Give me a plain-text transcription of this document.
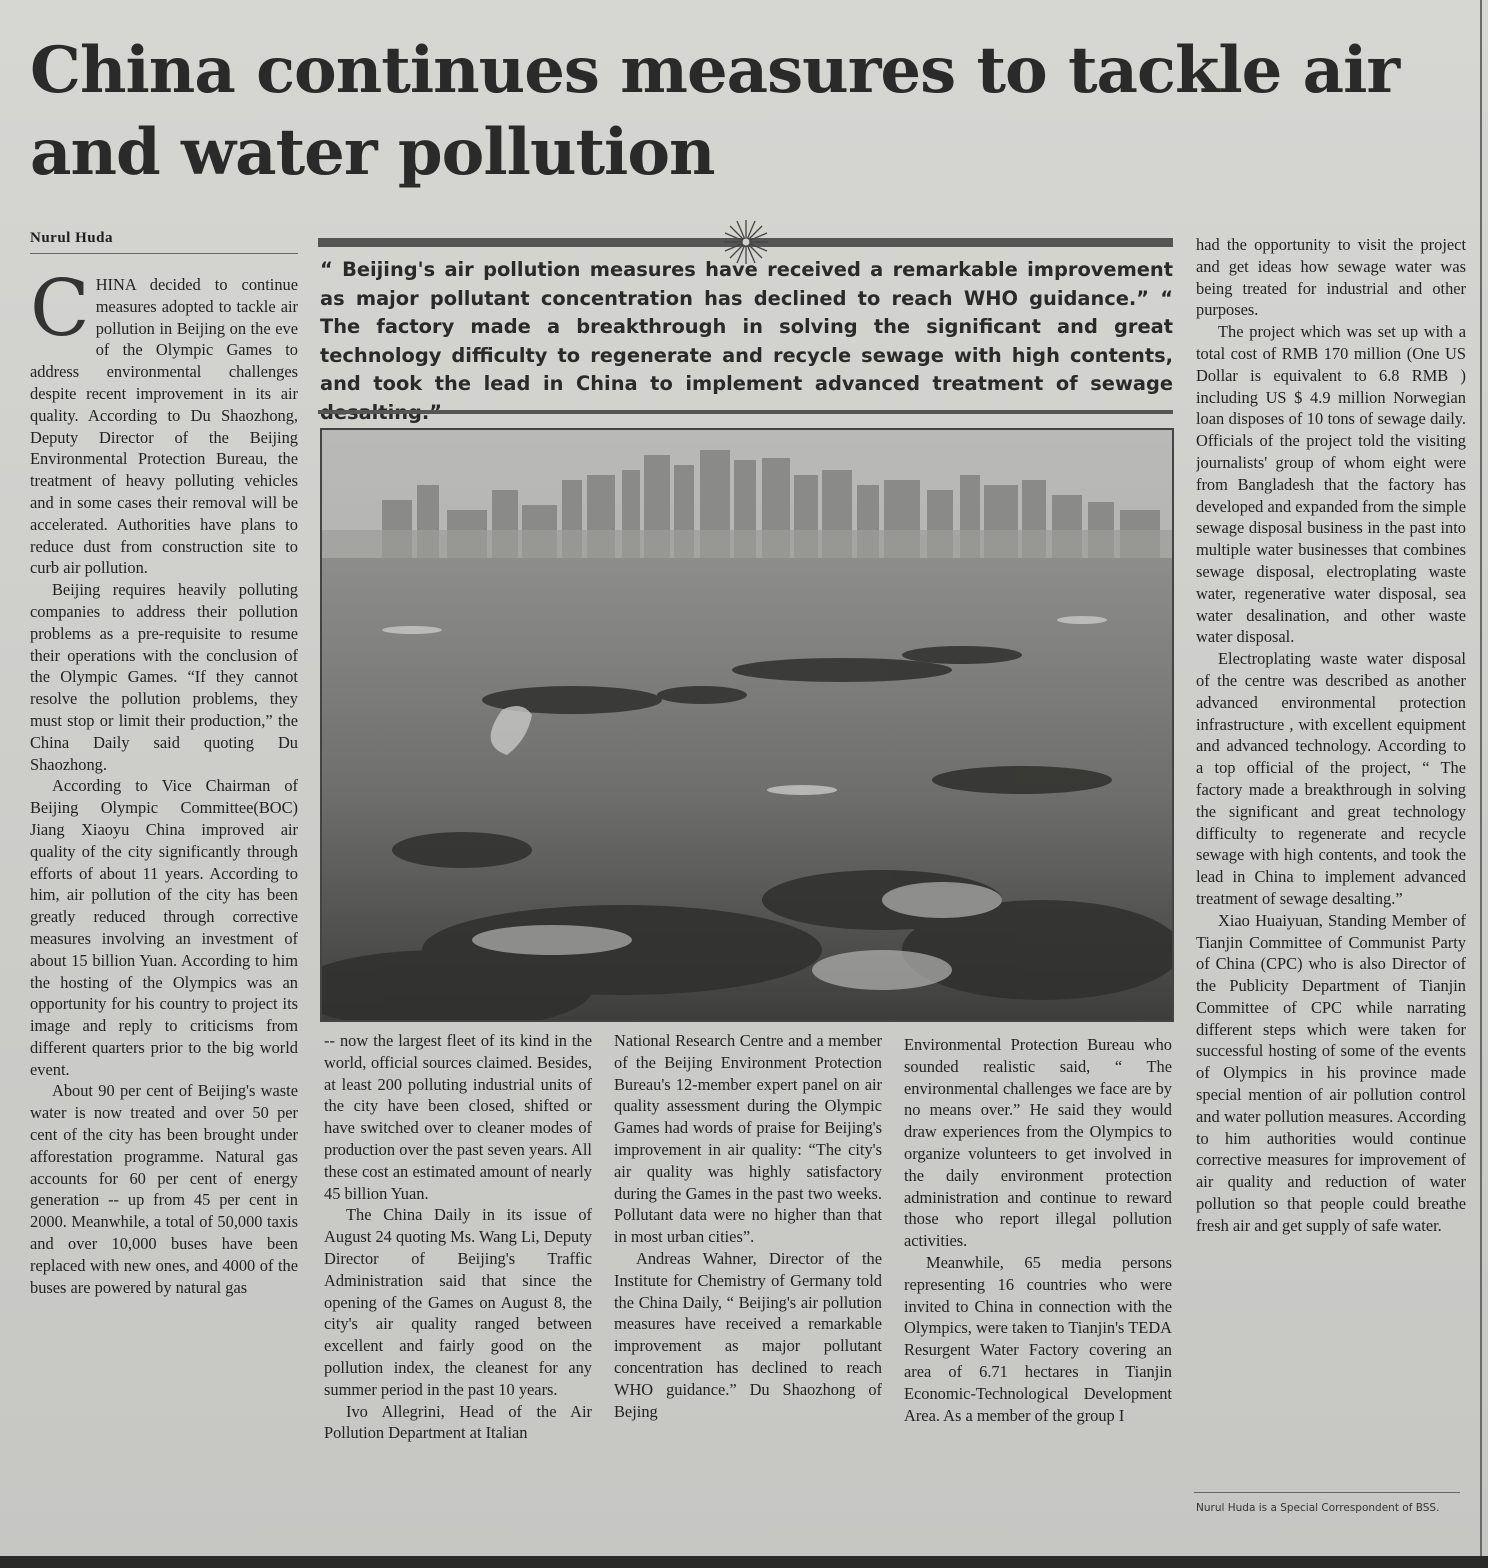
China continues measures to tackle air and water pollution
Nurul Huda

CHINA decided to continue measures adopted to tackle air pollution in Beijing on the eve of the Olympic Games to address environmental challenges despite recent improvement in its air quality. According to Du Shaozhong, Deputy Director of the Beijing Environmental Protection Bureau, the treatment of heavy polluting vehicles and in some cases their removal will be accelerated. Authorities have plans to reduce dust from construction site to curb air pollution.

Beijing requires heavily polluting companies to address their pollution problems as a pre-requisite to resume their operations with the conclusion of the Olympic Games. “If they cannot resolve the pollution problems, they must stop or limit their production,” the China Daily said quoting Du Shaozhong.

According to Vice Chairman of Beijing Olympic Committee(BOC) Jiang Xiaoyu China improved air quality of the city significantly through efforts of about 11 years. According to him, air pollution of the city has been greatly reduced through corrective measures involving an investment of about 15 billion Yuan. According to him the hosting of the Olympics was an opportunity for his country to project its image and reply to criticisms from different quarters prior to the big world event.

About 90 per cent of Beijing's waste water is now treated and over 50 per cent of the city has been brought under afforestation programme. Natural gas accounts for 60 per cent of energy generation -- up from 45 per cent in 2000. Meanwhile, a total of 50,000 taxis and over 10,000 buses have been replaced with new ones, and 4000 of the buses are powered by natural gas

“ Beijing's air pollution measures have received a remarkable improvement as major pollutant concentration has declined to reach WHO guidance.” “ The factory made a breakthrough in solving the significant and great technology difficulty to regenerate and recycle sewage with high contents, and took the lead in China to implement advanced treatment of sewage

-- now the largest fleet of its kind in the world, official sources claimed. Besides, at least 200 polluting industrial units of the city have been closed, shifted or have switched over to cleaner modes of production over the past seven years. All these cost an estimated amount of nearly 45 billion Yuan.

The China Daily in its issue of August 24 quoting Ms. Wang Li, Deputy Director of Beijing's Traffic Administration said that since the opening of the Games on August 8, the city's air quality ranged between excellent and fairly good on the pollution index, the cleanest for any summer period in the past 10 years.

Ivo Allegrini, Head of the Air Pollution Department at Italian

National Research Centre and a member of the Beijing Environment Protection Bureau's 12-member expert panel on air quality assessment during the Olympic Games had words of praise for Beijing's improvement in air quality: “The city's air quality was highly satisfactory during the Games in the past two weeks. Pollutant data were no higher than that in most urban cities”.

Andreas Wahner, Director of the Institute for Chemistry of Germany told the China Daily, “ Beijing's air pollution measures have received a remarkable improvement as major pollutant concentration has declined to reach WHO guidance.” Du Shaozhong of Bejing

Environmental Protection Bureau who sounded realistic said, “ The environmental challenges we face are by no means over.” He said they would draw experiences from the Olympics to organize volunteers to get involved in the daily environment protection administration and continue to reward those who report illegal pollution activities.

Meanwhile, 65 media persons representing 16 countries who were invited to China in connection with the Olympics, were taken to Tianjin's TEDA Resurgent Water Factory covering an area of 6.71 hectares in Tianjin Economic-Technological Development Area. As a member of the group I

had the opportunity to visit the project and get ideas how sewage water was being treated for industrial and other purposes.

The project which was set up with a total cost of RMB 170 million (One US Dollar is equivalent to 6.8 RMB ) including US $ 4.9 million Norwegian loan disposes of 10 tons of sewage daily. Officials of the project told the visiting journalists' group of whom eight were from Bangladesh that the factory has developed and expanded from the simple sewage disposal business in the past into multiple water businesses that combines sewage disposal, electroplating waste water, regenerative water disposal, sea water desalination, and other waste water disposal.

Electroplating waste water disposal of the centre was described as another advanced environmental protection infrastructure , with excellent equipment and advanced technology. According to a top official of the project, “ The factory made a breakthrough in solving the significant and great technology difficulty to regenerate and recycle sewage with high contents, and took the lead in China to implement advanced treatment of sewage desalting.”

Xiao Huaiyuan, Standing Member of Tianjin Committee of Communist Party of China (CPC) who is also Director of the Publicity Department of Tianjin Committee of CPC while narrating different steps which were taken for successful hosting of some of the events of Olympics in his province made special mention of air pollution control and water pollution measures. According to him authorities would continue corrective measures for improvement of air quality and reduction of water pollution so that people could breathe fresh air and get supply of safe water.

Nurul Huda is a Special Correspondent of BSS.
